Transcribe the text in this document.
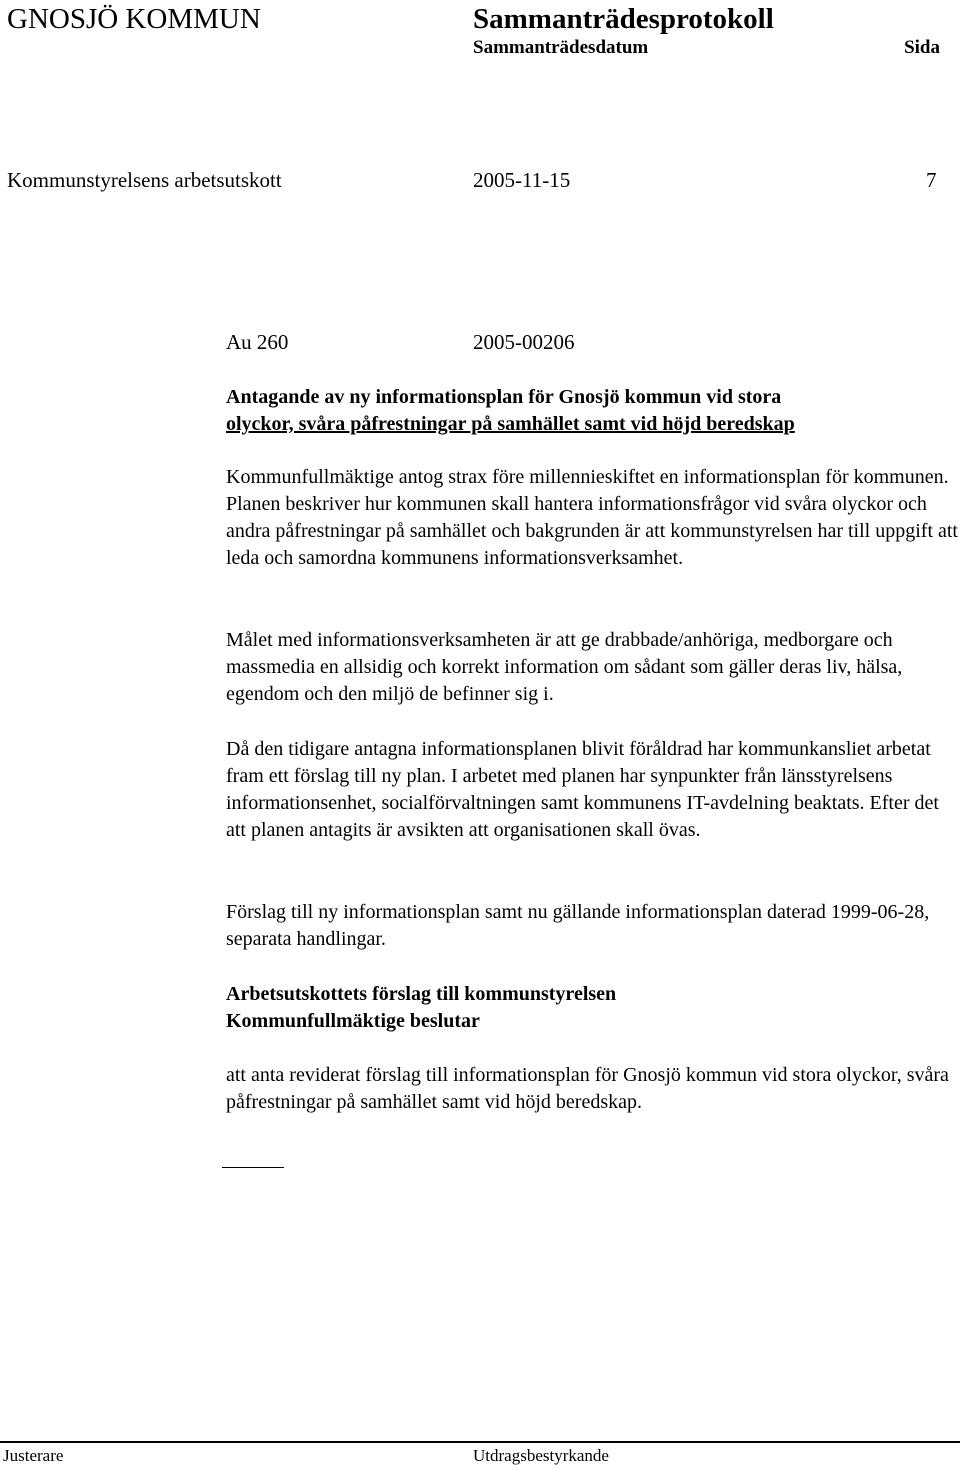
GNOSJÖ KOMMUN	Sammanträdesprotokoll
Sammanträdesdatum	Sida
Kommunstyrelsens arbetsutskott	2005-11-15	7
Au 260	2005-00206
Antagande av ny informationsplan för Gnosjö kommun vid stora
olyckor, svåra påfrestningar på samhället samt vid höjd beredskap

Kommunfullmäktige antog strax före millennieskiftet en informationsplan för kommunen. Planen beskriver hur kommunen skall hantera informationsfrågor vid svåra olyckor och andra påfrestningar på samhället och bakgrunden är att kommunstyrelsen har till uppgift att leda och samordna kommunens informationsverksamhet.

Målet med informationsverksamheten är att ge drabbade/anhöriga, medborgare och massmedia en allsidig och korrekt information om sådant som gäller deras liv, hälsa, egendom och den miljö de befinner sig i.

Då den tidigare antagna informationsplanen blivit föråldrad har kommunkansliet arbetat fram ett förslag till ny plan. I arbetet med planen har synpunkter från länsstyrelsens informationsenhet, socialförvaltningen samt kommunens IT-avdelning beaktats. Efter det att planen antagits är avsikten att organisationen skall övas.

Förslag till ny informationsplan samt nu gällande informationsplan daterad 1999-06-28, separata handlingar.

Arbetsutskottets förslag till kommunstyrelsen
Kommunfullmäktige beslutar

att anta reviderat förslag till informationsplan för Gnosjö kommun vid stora olyckor, svåra påfrestningar på samhället samt vid höjd beredskap.

Justerare	Utdragsbestyrkande
